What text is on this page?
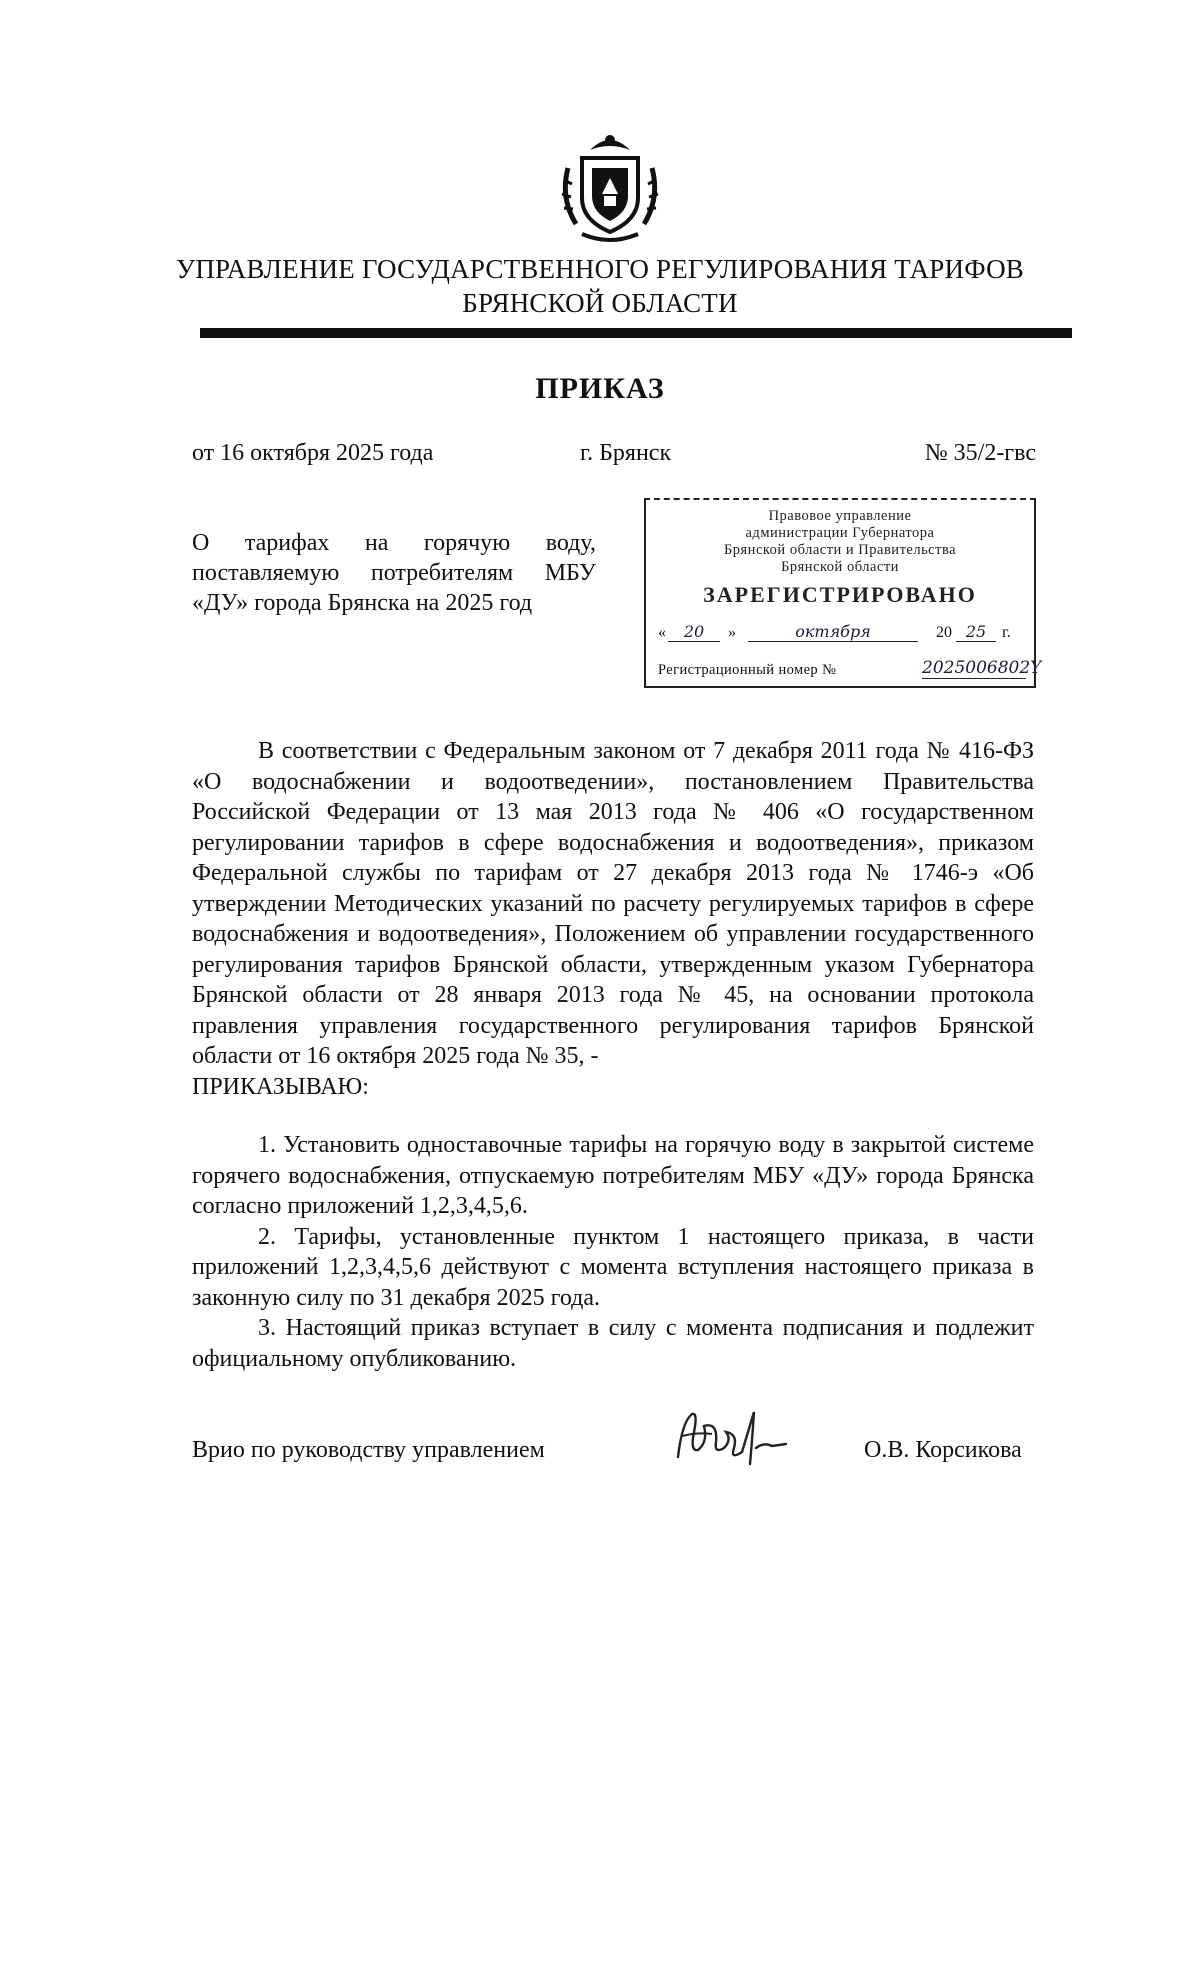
УПРАВЛЕНИЕ ГОСУДАРСТВЕННОГО РЕГУЛИРОВАНИЯ ТАРИФОВ
БРЯНСКОЙ ОБЛАСТИ
ПРИКАЗ
от 16 октября 2025 года	г. Брянск	№ 35/2-гвс
О тарифах на горячую воду, поставляемую потребителям МБУ «ДУ» города Брянска на 2025 год
Правовое управление
администрации Губернатора
Брянской области и Правительства
Брянской области
ЗАРЕГИСТРИРОВАНО
«	20	»	октября	20 25 г.
Регистрационный номер №	2025006802Y

В соответствии с Федеральным законом от 7 декабря 2011 года № 416-ФЗ «О водоснабжении и водоотведении», постановлением Правительства Российской Федерации от 13 мая 2013 года № 406 «О государственном регулировании тарифов в сфере водоснабжения и водоотведения», приказом Федеральной службы по тарифам от 27 декабря 2013 года № 1746-э «Об утверждении Методических указаний по расчету регулируемых тарифов в сфере водоснабжения и водоотведения», Положением об управлении государственного регулирования тарифов Брянской области, утвержденным указом Губернатора Брянской области от 28 января 2013 года № 45, на основании протокола правления управления государственного регулирования тарифов Брянской области от 16 октября 2025 года № 35, -

ПРИКАЗЫВАЮ:

1. Установить одноставочные тарифы на горячую воду в закрытой системе горячего водоснабжения, отпускаемую потребителям МБУ «ДУ» города Брянска согласно приложений 1,2,3,4,5,6.

2. Тарифы, установленные пунктом 1 настоящего приказа, в части приложений 1,2,3,4,5,6 действуют с момента вступления настоящего приказа в законную силу по 31 декабря 2025 года.

3. Настоящий приказ вступает в силу с момента подписания и подлежит официальному опубликованию.

Врио по руководству управлением	О.В. Корсикова
